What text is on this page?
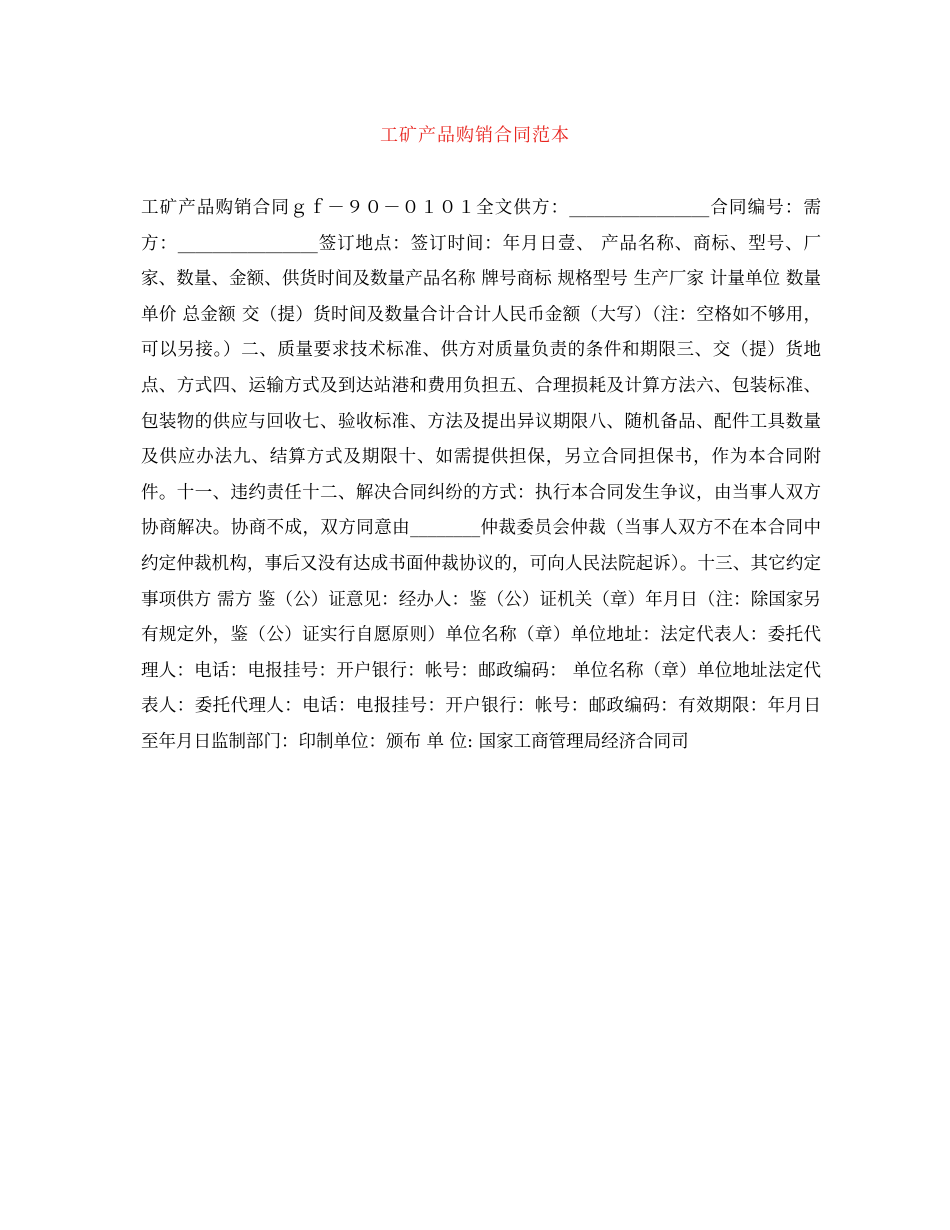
工矿产品购销合同范本
工矿产品购销合同ｇｆ－９０－０１０１全文供方：________________合同编号：需方：________________签订地点：签订时间：年月日壹、 产品名称、商标、型号、厂家、数量、金额、供货时间及数量产品名称 牌号商标 规格型号 生产厂家 计量单位 数量 单价 总金额 交（提）货时间及数量合计合计人民币金额（大写）（注：空格如不够用，可以另接。）二、质量要求技术标准、供方对质量负责的条件和期限三、交（提）货地点、方式四、运输方式及到达站港和费用负担五、合理损耗及计算方法六、包装标准、包装物的供应与回收七、验收标准、方法及提出异议期限八、随机备品、配件工具数量及供应办法九、结算方式及期限十、如需提供担保，另立合同担保书，作为本合同附件。十一、违约责任十二、解决合同纠纷的方式：执行本合同发生争议，由当事人双方协商解决。协商不成，双方同意由________仲裁委员会仲裁（当事人双方不在本合同中约定仲裁机构，事后又没有达成书面仲裁协议的，可向人民法院起诉）。十三、其它约定事项供方 需方 鉴（公）证意见：经办人：鉴（公）证机关（章）年月日（注：除国家另有规定外，鉴（公）证实行自愿原则）单位名称（章）单位地址：法定代表人：委托代理人：电话：电报挂号：开户银行：帐号：邮政编码： 单位名称（章）单位地址法定代表人：委托代理人：电话：电报挂号：开户银行：帐号：邮政编码：有效期限：年月日至年月日监制部门：印制单位：颁布 单 位: 国家工商管理局经济合同司
